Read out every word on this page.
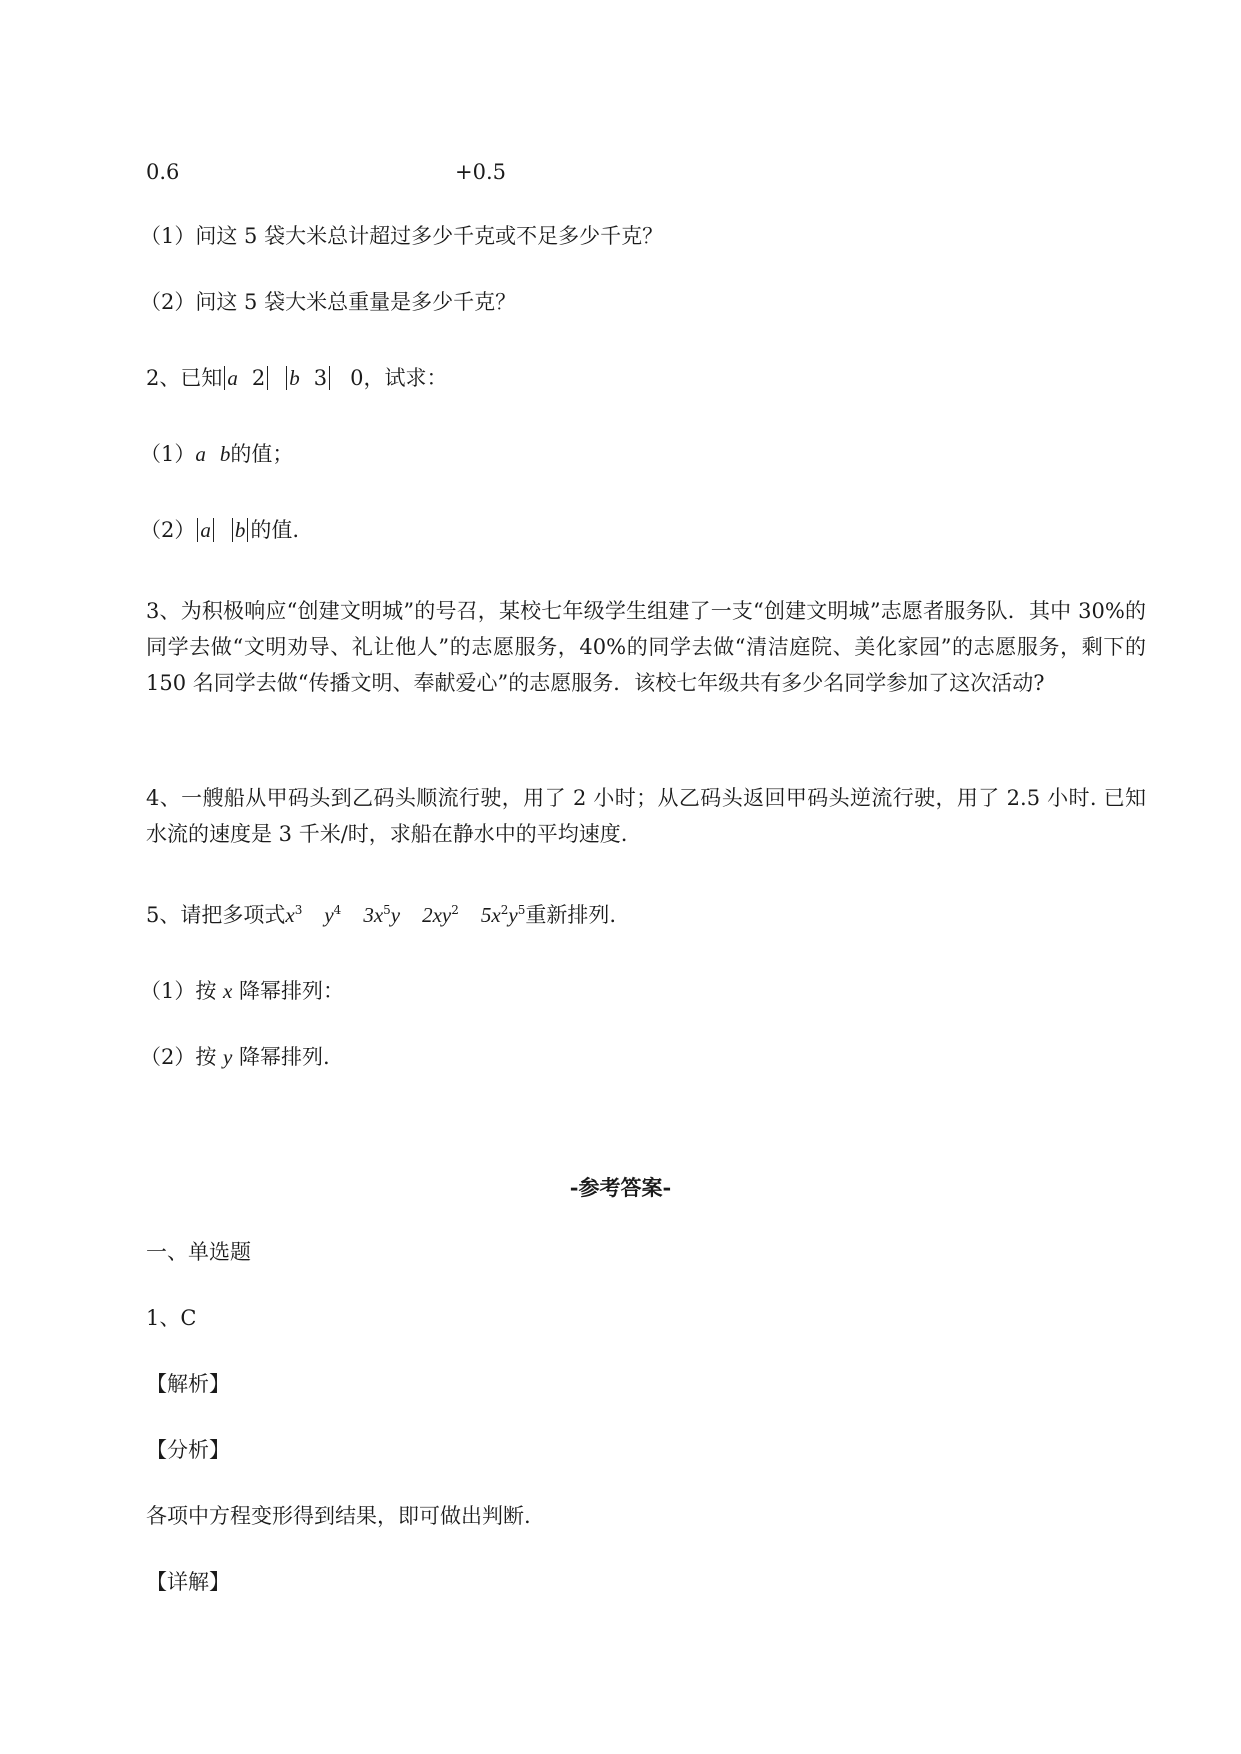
0.6	+0.5
（1）问这 5 袋大米总计超过多少千克或不足多少千克？
（2）问这 5 袋大米总重量是多少千克？
2、已知 a 2 b 3 0，试求：
（1）a b的值；
（2） a b 的值.
3、为积极响应“创建文明城”的号召，某校七年级学生组建了一支“创建文明城”志愿者服务队．其中 30%的同学去做“文明劝导、礼让他人”的志愿服务，40%的同学去做“清洁庭院、美化家园”的志愿服务，剩下的 150 名同学去做“传播文明、奉献爱心”的志愿服务．该校七年级共有多少名同学参加了这次活动?
4、一艘船从甲码头到乙码头顺流行驶，用了 2 小时；从乙码头返回甲码头逆流行驶，用了 2.5 小时. 已知水流的速度是 3 千米/时，求船在静水中的平均速度.
5、请把多项式$x^3$ $y^4$ $3x^5y$ $2xy^2$ $5x^2y^5$重新排列.
（1）按 x 降幂排列：
（2）按 y 降幂排列.
-参考答案-
一、单选题
1、C
【解析】
【分析】
各项中方程变形得到结果，即可做出判断.
【详解】
